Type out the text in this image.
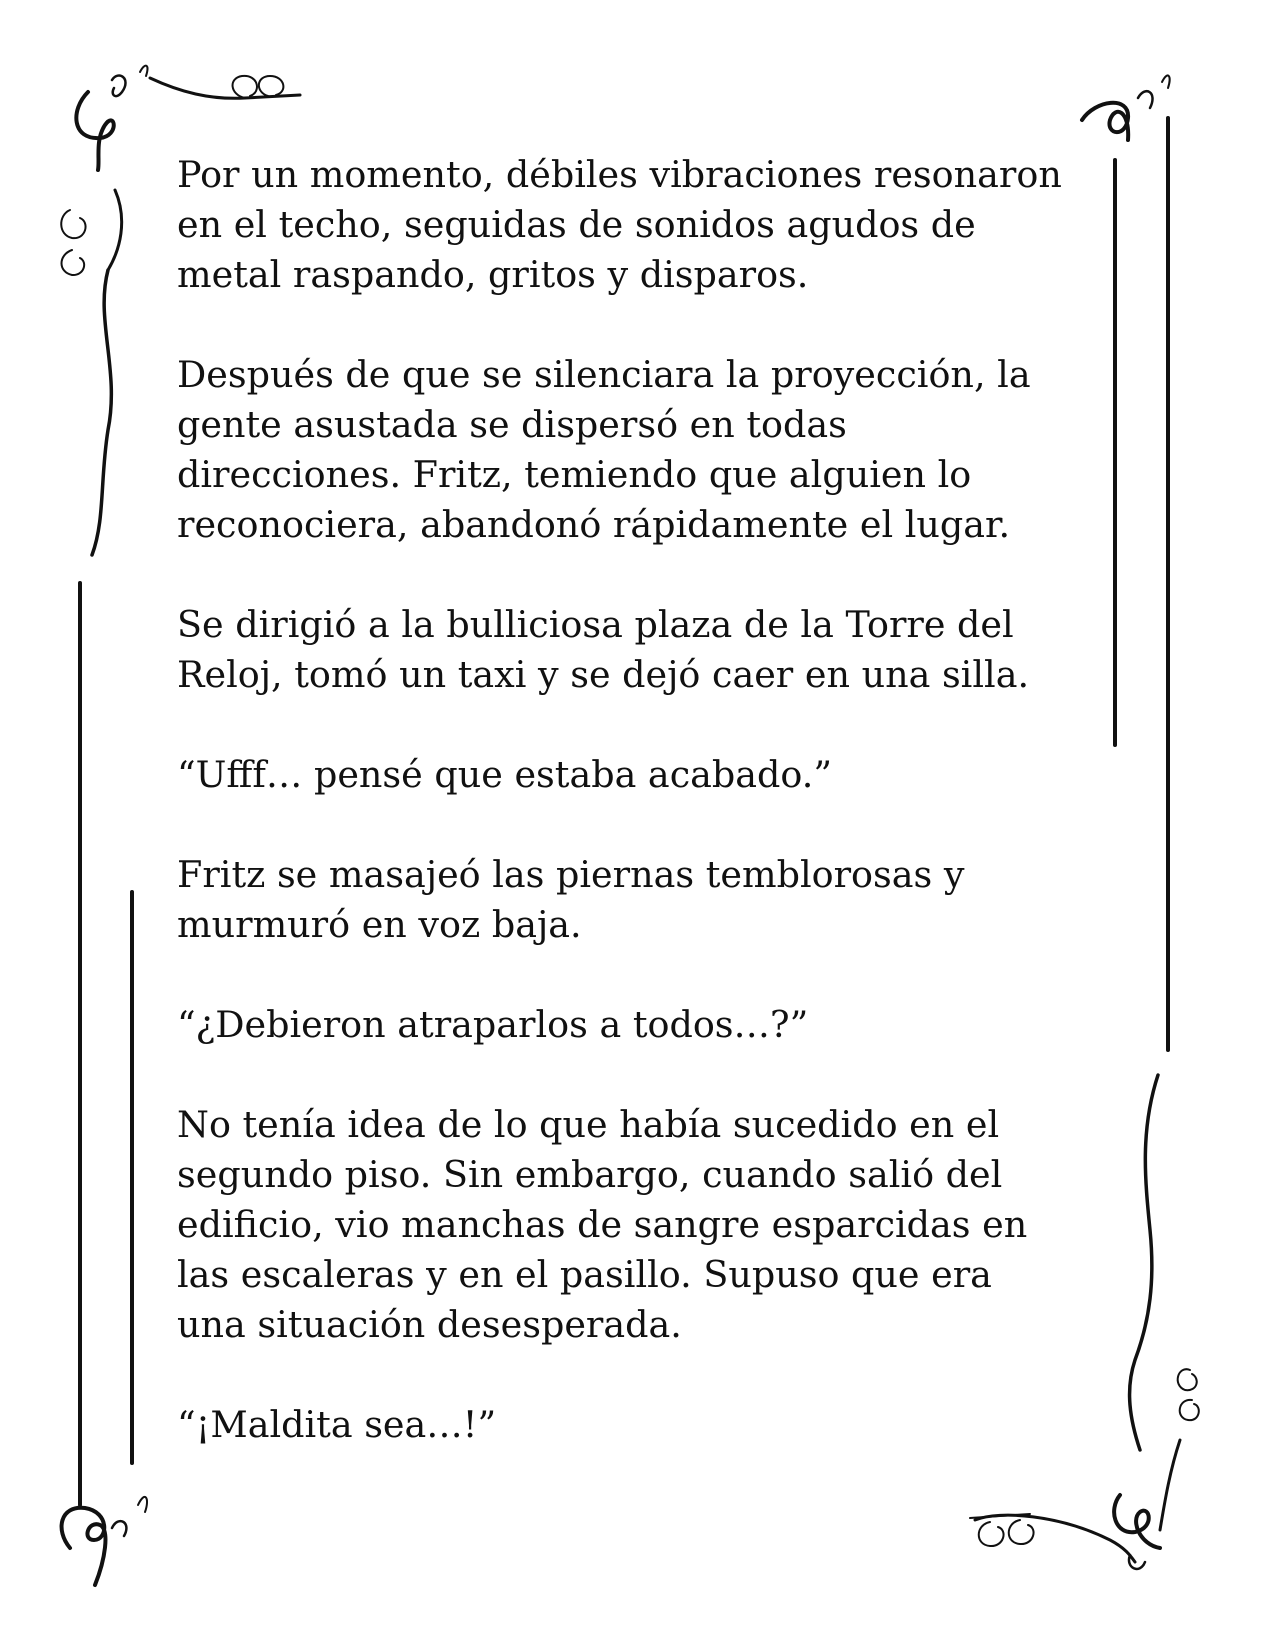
Por un momento, débiles vibraciones resonaron
en el techo, seguidas de sonidos agudos de
metal raspando, gritos y disparos.

Después de que se silenciara la proyección, la
gente asustada se dispersó en todas
direcciones. Fritz, temiendo que alguien lo
reconociera, abandonó rápidamente el lugar.

Se dirigió a la bulliciosa plaza de la Torre del
Reloj, tomó un taxi y se dejó caer en una silla.

“Ufff… pensé que estaba acabado.”

Fritz se masajeó las piernas temblorosas y
murmuró en voz baja.

“¿Debieron atraparlos a todos…?”

No tenía idea de lo que había sucedido en el
segundo piso. Sin embargo, cuando salió del
edificio, vio manchas de sangre esparcidas en
las escaleras y en el pasillo. Supuso que era
una situación desesperada.

“¡Maldita sea…!”
